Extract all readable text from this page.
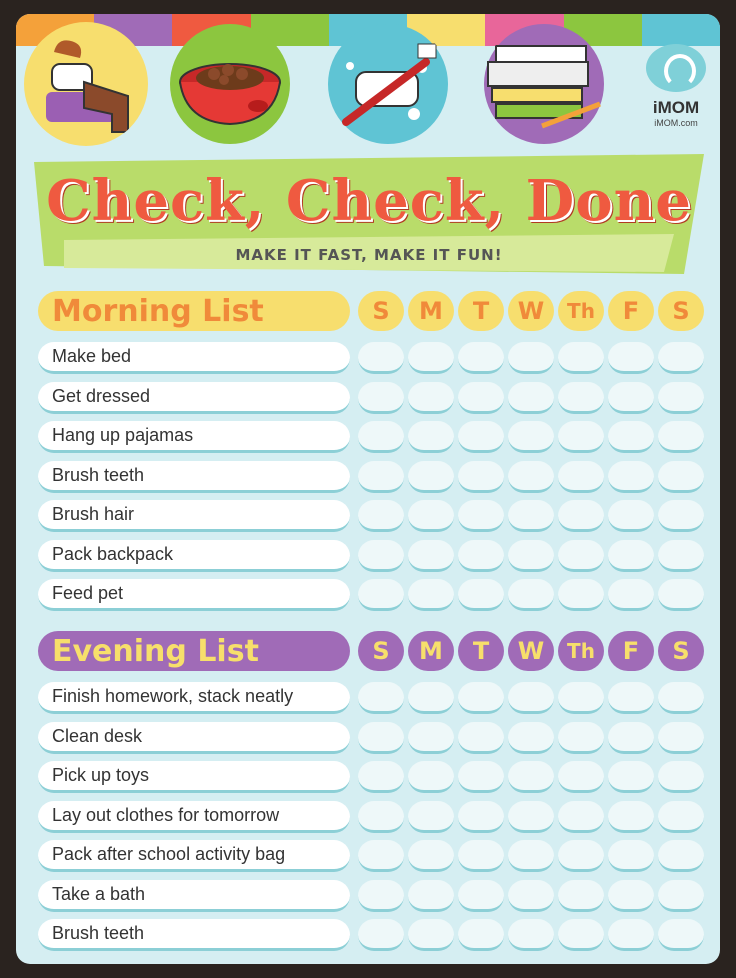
iMOM
iMOM.com
Check, Check, Done
MAKE IT FAST, MAKE IT FUN!
Morning List	S	M	T	W	Th	F	S
Make bed
Get dressed
Hang up pajamas
Brush teeth
Brush hair
Pack backpack
Feed pet
Evening List	S	M	T	W	Th	F	S
Finish homework, stack neatly
Clean desk
Pick up toys
Lay out clothes for tomorrow
Pack after school activity bag
Take a bath
Brush teeth
